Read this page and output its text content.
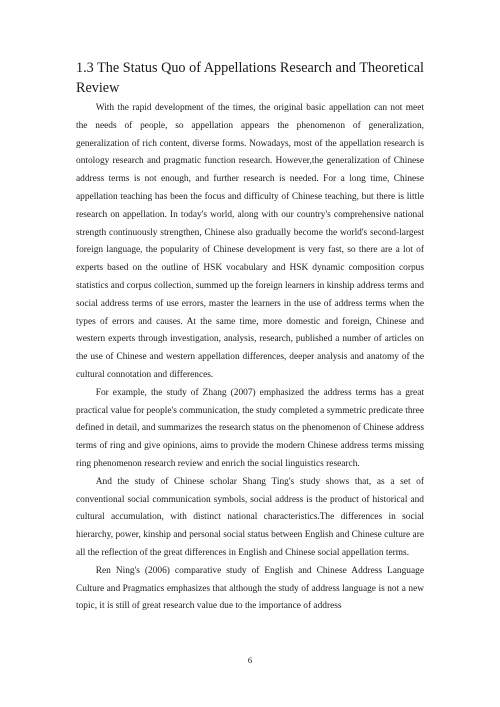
1.3 The Status Quo of Appellations Research and Theoretical Review

With the rapid development of the times, the original basic appellation can not meet the needs of people, so appellation appears the phenomenon of generalization, generalization of rich content, diverse forms. Nowadays, most of the appellation research is ontology research and pragmatic function research. However,the generalization of Chinese address terms is not enough, and further research is needed. For a long time, Chinese appellation teaching has been the focus and difficulty of Chinese teaching, but there is little research on appellation. In today's world, along with our country's comprehensive national strength continuously strengthen, Chinese also gradually become the world's second-largest foreign language, the popularity of Chinese development is very fast, so there are a lot of experts based on the outline of HSK vocabulary and HSK dynamic composition corpus statistics and corpus collection, summed up the foreign learners in kinship address terms and social address terms of use errors, master the learners in the use of address terms when the types of errors and causes. At the same time, more domestic and foreign, Chinese and western experts through investigation, analysis, research, published a number of articles on the use of Chinese and western appellation differences, deeper analysis and anatomy of the cultural connotation and differences.

For example, the study of Zhang (2007) emphasized the address terms has a great practical value for people's communication, the study completed a symmetric predicate three defined in detail, and summarizes the research status on the phenomenon of Chinese address terms of ring and give opinions, aims to provide the modern Chinese address terms missing ring phenomenon research review and enrich the social linguistics research.

And the study of Chinese scholar Shang Ting's study shows that, as a set of conventional social communication symbols, social address is the product of historical and cultural accumulation, with distinct national characteristics.The differences in social hierarchy, power, kinship and personal social status between English and Chinese culture are all the reflection of the great differences in English and Chinese social appellation terms.

Ren Ning's (2006) comparative study of English and Chinese Address Language Culture and Pragmatics emphasizes that although the study of address language is not a new topic, it is still of great research value due to the importance of address

6
